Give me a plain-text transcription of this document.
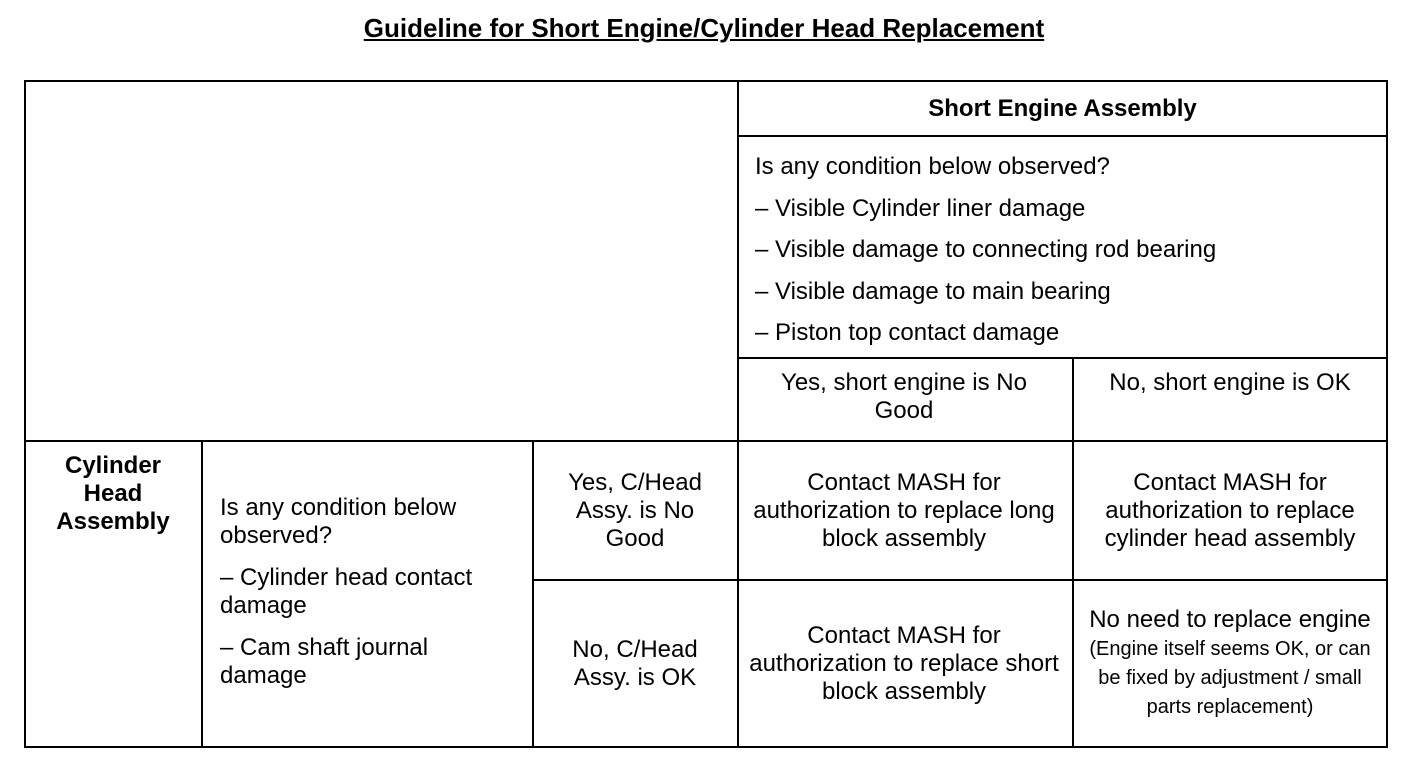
Guideline for Short Engine/Cylinder Head Replacement
Short Engine Assembly

Is any condition below observed?

– Visible Cylinder liner damage

– Visible damage to connecting rod bearing

– Visible damage to main bearing

– Piston top contact damage

Yes, short engine is No Good
No, short engine is OK
Cylinder Head Assembly

Is any condition below observed?

– Cylinder head contact damage

– Cam shaft journal damage

Yes, C/Head Assy. is No Good
No, C/Head Assy. is OK
Contact MASH for authorization to replace long block assembly
Contact MASH for authorization to replace cylinder head assembly
Contact MASH for authorization to replace short block assembly
No need to replace engine (Engine itself seems OK, or can be fixed by adjustment / small parts replacement)
